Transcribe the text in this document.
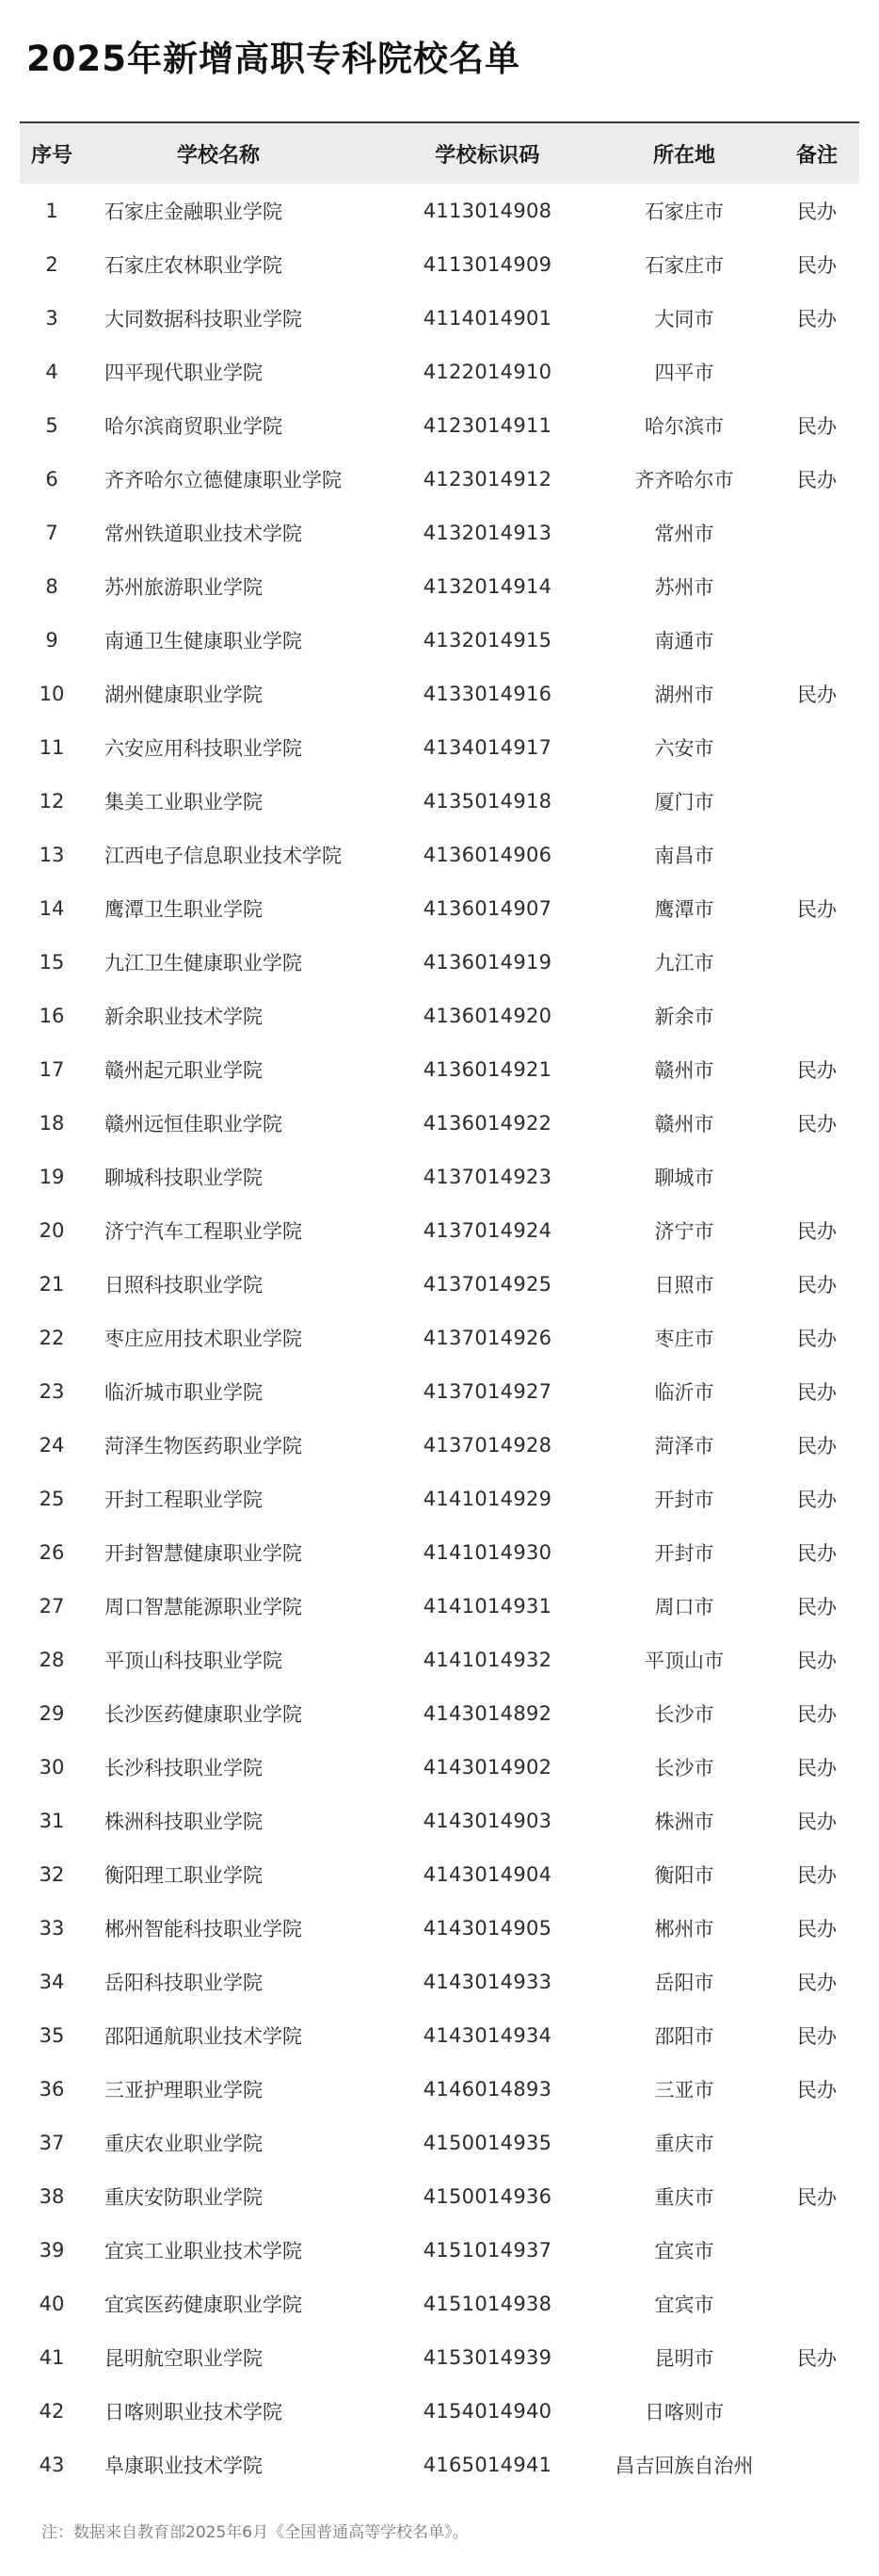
2025年新增高职专科院校名单
序号	学校名称	学校标识码	所在地	备注
1	石家庄金融职业学院	4113014908	石家庄市	民办
2	石家庄农林职业学院	4113014909	石家庄市	民办
3	大同数据科技职业学院	4114014901	大同市	民办
4	四平现代职业学院	4122014910	四平市
5	哈尔滨商贸职业学院	4123014911	哈尔滨市	民办
6	齐齐哈尔立德健康职业学院	4123014912	齐齐哈尔市	民办
7	常州铁道职业技术学院	4132014913	常州市
8	苏州旅游职业学院	4132014914	苏州市
9	南通卫生健康职业学院	4132014915	南通市
10	湖州健康职业学院	4133014916	湖州市	民办
11	六安应用科技职业学院	4134014917	六安市
12	集美工业职业学院	4135014918	厦门市
13	江西电子信息职业技术学院	4136014906	南昌市
14	鹰潭卫生职业学院	4136014907	鹰潭市	民办
15	九江卫生健康职业学院	4136014919	九江市
16	新余职业技术学院	4136014920	新余市
17	赣州起元职业学院	4136014921	赣州市	民办
18	赣州远恒佳职业学院	4136014922	赣州市	民办
19	聊城科技职业学院	4137014923	聊城市
20	济宁汽车工程职业学院	4137014924	济宁市	民办
21	日照科技职业学院	4137014925	日照市	民办
22	枣庄应用技术职业学院	4137014926	枣庄市	民办
23	临沂城市职业学院	4137014927	临沂市	民办
24	菏泽生物医药职业学院	4137014928	菏泽市	民办
25	开封工程职业学院	4141014929	开封市	民办
26	开封智慧健康职业学院	4141014930	开封市	民办
27	周口智慧能源职业学院	4141014931	周口市	民办
28	平顶山科技职业学院	4141014932	平顶山市	民办
29	长沙医药健康职业学院	4143014892	长沙市	民办
30	长沙科技职业学院	4143014902	长沙市	民办
31	株洲科技职业学院	4143014903	株洲市	民办
32	衡阳理工职业学院	4143014904	衡阳市	民办
33	郴州智能科技职业学院	4143014905	郴州市	民办
34	岳阳科技职业学院	4143014933	岳阳市	民办
35	邵阳通航职业技术学院	4143014934	邵阳市	民办
36	三亚护理职业学院	4146014893	三亚市	民办
37	重庆农业职业学院	4150014935	重庆市
38	重庆安防职业学院	4150014936	重庆市	民办
39	宜宾工业职业技术学院	4151014937	宜宾市
40	宜宾医药健康职业学院	4151014938	宜宾市
41	昆明航空职业学院	4153014939	昆明市	民办
42	日喀则职业技术学院	4154014940	日喀则市
43	阜康职业技术学院	4165014941	昌吉回族自治州
注：数据来自教育部2025年6月《全国普通高等学校名单》。
